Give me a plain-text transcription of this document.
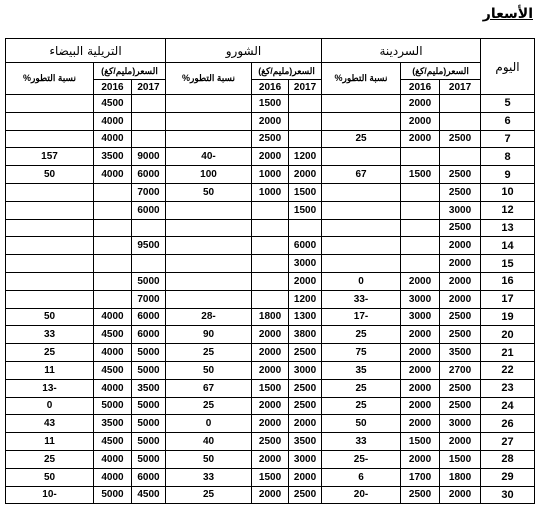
الأسعار
اليوم	السردينة			الشورو			التريلية البيضاء		
	السعر(مليم/كغ)		نسبة التطور%	السعر(مليم/كغ)		نسبة التطور%	السعر(مليم/كغ)		نسبة التطور%
	2017	2016		2017	2016		2017	2016	
5		2000			1500			4500	
6		2000			2000			4000	
7	2500	2000	25		2500			4000	
8				1200	2000	-40	9000	3500	157
9	2500	1500	67	2000	1000	100	6000	4000	50
10	2500			1500	1000	50	7000		
12	3000			1500			6000		
13	2500								
14	2000			6000			9500		
15	2000			3000					
16	2000	2000	0	2000			5000		
17	2000	3000	-33	1200			7000		
19	2500	3000	-17	1300	1800	-28	6000	4000	50
20	2500	2000	25	3800	2000	90	6000	4500	33
21	3500	2000	75	2500	2000	25	5000	4000	25
22	2700	2000	35	3000	2000	50	5000	4500	11
23	2500	2000	25	2500	1500	67	3500	4000	-13
24	2500	2000	25	2500	2000	25	5000	5000	0
26	3000	2000	50	2000	2000	0	5000	3500	43
27	2000	1500	33	3500	2500	40	5000	4500	11
28	1500	2000	-25	3000	2000	50	5000	4000	25
29	1800	1700	6	2000	1500	33	6000	4000	50
30	2000	2500	-20	2500	2000	25	4500	5000	-10
